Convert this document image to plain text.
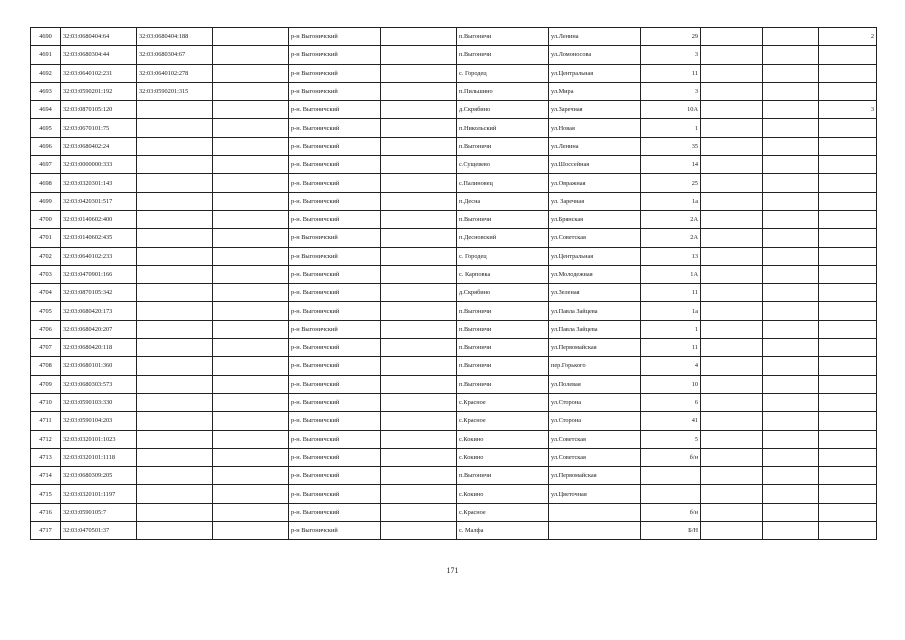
4690	32:03:0680404:64	32:03:0680404:188		р-н Выгоничский		п.Выгоничи	ул.Ленина	29			2
4691	32:03:0680304:44	32:03:0680304:67		р-н Выгоничский		п.Выгоничи	ул.Ломоносова	3			
4692	32:03:0640102:231	32:03:0640102:278		р-н Выгоничский		с. Городец	ул.Центральная	11			
4693	32:03:0590201:192	32:03:0590201:315		р-н Выгоничский		п.Пильшино	ул.Мира	3			
4694	32:03:0870105:120			р-н. Выгоничский		д.Скрябино	ул.Заречная	10А			3
4695	32:03:0670101:75			р-н. Выгоничский		п.Никольский	ул.Новая	1			
4696	32:03:0680402:24			р-н. Выгоничский		п.Выгоничи	ул.Ленина	35			
4697	32:03:0000000:333			р-н. Выгоничский		с.Сущевево	ул.Шоссейная	14			
4698	32:03:0320301:143			р-н. Выгоничский		с.Палиновец	ул.Овражная	25			
4699	32:03:0420301:517			р-н. Выгоничский		п.Десна	ул. Заречная	1а			
4700	32:03:0140602:400			р-н. Выгоничский		п.Выгоничи	ул.Брянская	2А			
4701	32:03:0140602:435			р-н Выгоничский		п.Десновский	ул.Советская	2А			
4702	32:03:0640102:233			р-н Выгоничский		с. Городец	ул.Центральная	13			
4703	32:03:0470901:166			р-н. Выгоничский		с. Карповка	ул.Молодежная	1А			
4704	32:03:0870105:342			р-н. Выгоничский		д.Скрябино	ул.Зеленая	11			
4705	32:03:0680420:173			р-н. Выгоничский		п.Выгоничи	ул.Павла Зайцева	1а			
4706	32:03:0680420:207			р-н Выгоничский		п.Выгоничи	ул.Павла Зайцева	1			
4707	32:03:0680420:118			р-н. Выгоничский		п.Выгоничи	ул.Первомайская	11			
4708	32:03:0680101:360			р-н. Выгоничский		п.Выгоничи	пер.Горького	4			
4709	32:03:0680303:573			р-н. Выгоничский		п.Выгоничи	ул.Полевая	10			
4710	32:03:0590103:330			р-н. Выгоничский		с.Красное	ул.Сторона	6			
4711	32:03:0590104:203			р-н. Выгоничский		с.Красное	ул.Сторона	41			
4712	32:03:0320101:1023			р-н. Выгоничский		с.Кокино	ул.Советская	5			
4713	32:03:0320101:1118			р-н. Выгоничский		с.Кокино	ул.Советская	б/н			
4714	32:03:0680309:205			р-н. Выгоничский		п.Выгоничи	ул.Первомайская				
4715	32:03:0320101:1197			р-н. Выгоничский		с.Кокино	ул.Цветочная				
4716	32:03:0590105:7			р-н. Выгоничский		с.Красное		б/н			
4717	32:03:0470501:37			р-н Выгоничский		с. Малфа		Б/Н			
171
